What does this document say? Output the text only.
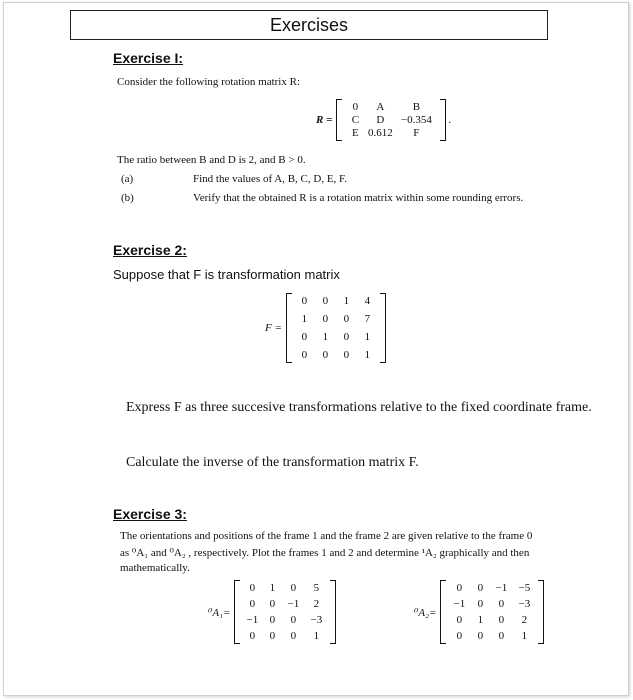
Exercises
Exercise I:
Consider the following rotation matrix R:
R =
0 A	B
C D −0.354
E 0.612 F
.
The ratio between B and D is 2, and B > 0.
(a)	Find the values of A, B, C, D, E, F.
(b)	Verify that the obtained R is a rotation matrix within some rounding errors.
Exercise 2:
Suppose that F is transformation matrix
F =
0 0 1 4
1 0 0 7
0 1 0 1
0 0 0 1
Express F as three succesive transformations relative to the fixed coordinate frame.
Calculate the inverse of the transformation matrix F.
Exercise 3:
The orientations and positions of the frame 1 and the frame 2 are given relative to the frame 0
as ⁰A₁ and ⁰A₂ , respectively. Plot the frames 1 and 2 and determine ¹A₂ graphically and then
mathematically.
⁰A₁=
0 1 0 5
0 0 −1 2
−1 0 0 −3
0 0 0 1
⁰A₂=
0 0 −1 −5
−1 0 0 −3
0 1 0 2
0 0 0 1
